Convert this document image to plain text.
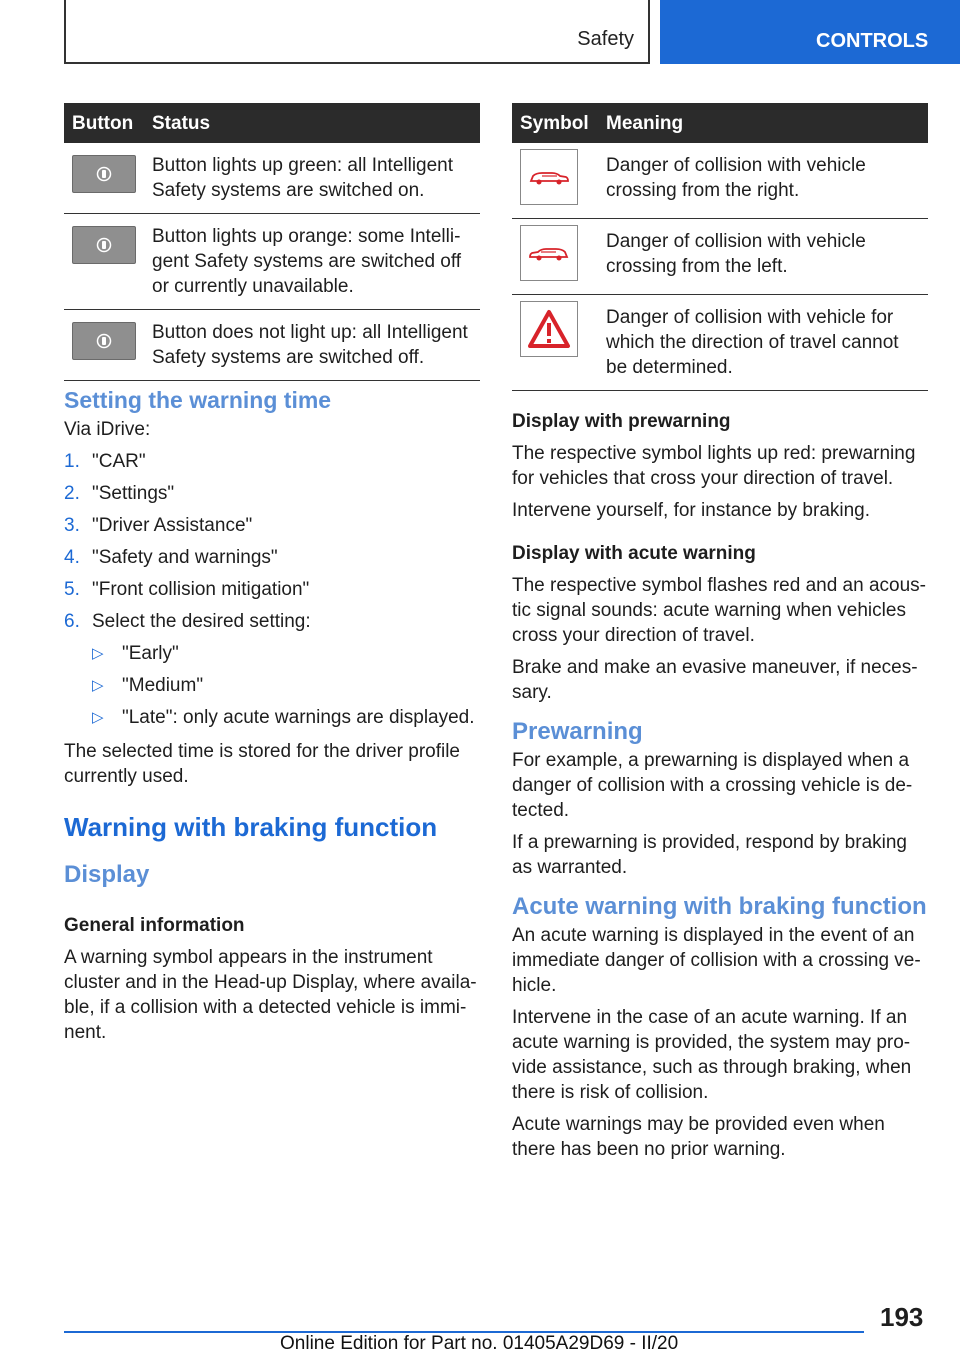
Safety	CONTROLS
Button	Status

	Button lights up green: all Intelligent Safety systems are switched on.

	Button lights up orange: some Intelli-gent Safety systems are switched off or currently unavailable.

	Button does not light up: all Intelligent Safety systems are switched off.
Setting the warning time

Via iDrive:

1. "CAR"
2. "Settings"
3. "Driver Assistance"
4. "Safety and warnings"
5. "Front collision mitigation"
6. Select the desired setting:
▷ "Early"
▷ "Medium"
▷ "Late": only acute warnings are displayed.

The selected time is stored for the driver profile currently used.

Warning with braking function
Display

General information

A warning symbol appears in the instrument cluster and in the Head-up Display, where availa-ble, if a collision with a detected vehicle is immi-nent.

Symbol	Meaning

	Danger of collision with vehicle crossing from the right.

	Danger of collision with vehicle crossing from the left.

	Danger of collision with vehicle for which the direction of travel cannot be determined.

Display with prewarning

The respective symbol lights up red: prewarning for vehicles that cross your direction of travel.

Intervene yourself, for instance by braking.

Display with acute warning

The respective symbol flashes red and an acous-tic signal sounds: acute warning when vehicles cross your direction of travel.

Brake and make an evasive maneuver, if neces-sary.

Prewarning

For example, a prewarning is displayed when a danger of collision with a crossing vehicle is de-tected.

If a prewarning is provided, respond by braking as warranted.

Acute warning with braking function

An acute warning is displayed in the event of an immediate danger of collision with a crossing ve-hicle.

Intervene in the case of an acute warning. If an acute warning is provided, the system may pro-vide assistance, such as through braking, when there is risk of collision.

Acute warnings may be provided even when there has been no prior warning.

193
Online Edition for Part no. 01405A29D69 - II/20
